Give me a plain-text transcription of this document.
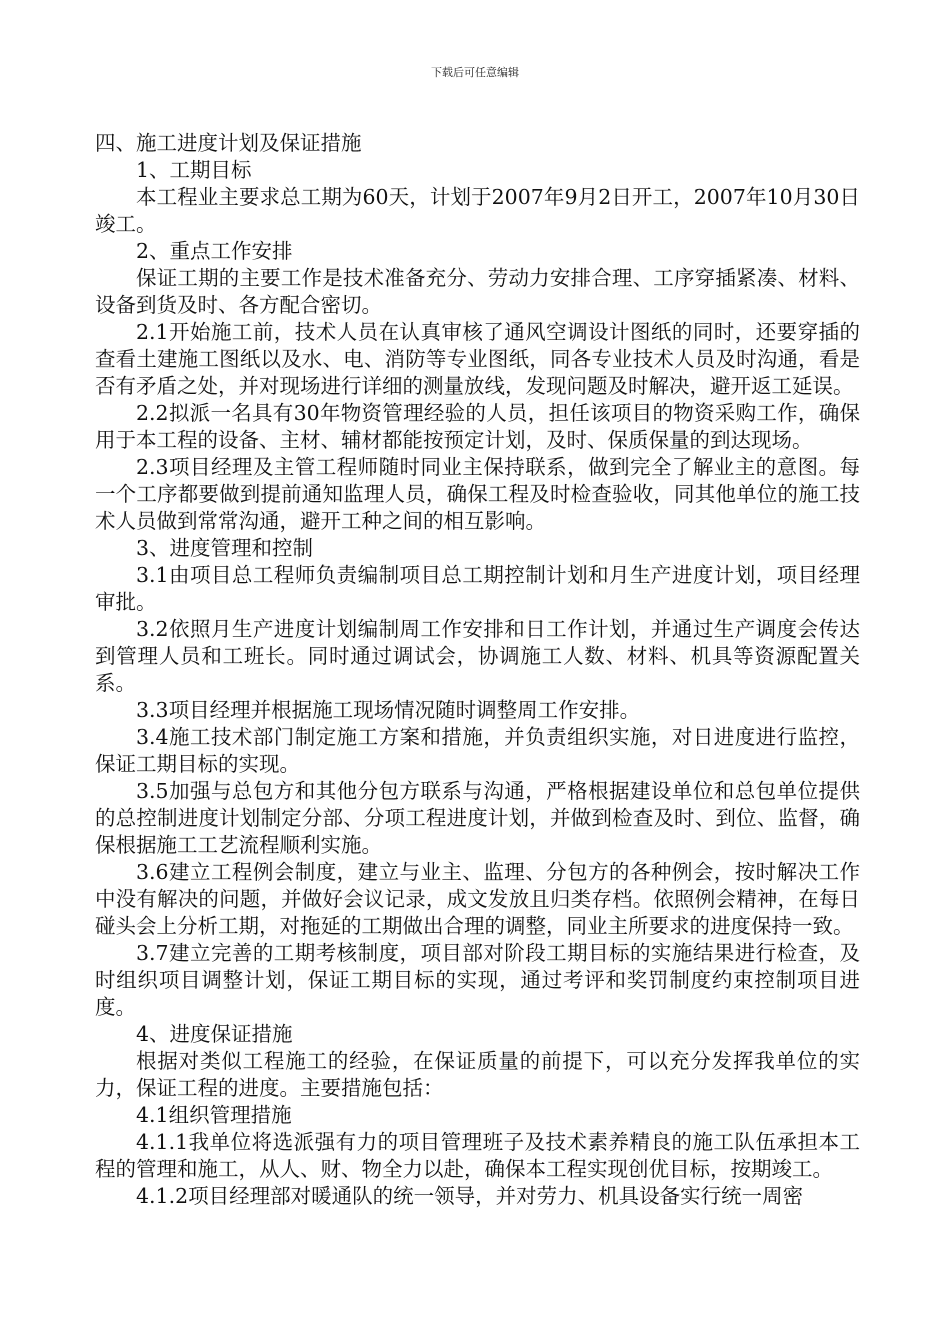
下载后可任意编辑

四、施工进度计划及保证措施

1、工期目标

本工程业主要求总工期为60天，计划于2007年9月2日开工，2007年10月30日竣工。

2、重点工作安排

保证工期的主要工作是技术准备充分、劳动力安排合理、工序穿插紧凑、材料、设备到货及时、各方配合密切。

2.1开始施工前，技术人员在认真审核了通风空调设计图纸的同时，还要穿插的查看土建施工图纸以及水、电、消防等专业图纸，同各专业技术人员及时沟通，看是否有矛盾之处，并对现场进行详细的测量放线，发现问题及时解决，避开返工延误。

2.2拟派一名具有30年物资管理经验的人员，担任该项目的物资采购工作，确保用于本工程的设备、主材、辅材都能按预定计划，及时、保质保量的到达现场。

2.3项目经理及主管工程师随时同业主保持联系，做到完全了解业主的意图。每一个工序都要做到提前通知监理人员，确保工程及时检查验收，同其他单位的施工技术人员做到常常沟通，避开工种之间的相互影响。

3、进度管理和控制

3.1由项目总工程师负责编制项目总工期控制计划和月生产进度计划，项目经理审批。

3.2依照月生产进度计划编制周工作安排和日工作计划，并通过生产调度会传达到管理人员和工班长。同时通过调试会，协调施工人数、材料、机具等资源配置关系。

3.3项目经理并根据施工现场情况随时调整周工作安排。

3.4施工技术部门制定施工方案和措施，并负责组织实施，对日进度进行监控，保证工期目标的实现。

3.5加强与总包方和其他分包方联系与沟通，严格根据建设单位和总包单位提供的总控制进度计划制定分部、分项工程进度计划，并做到检查及时、到位、监督，确保根据施工工艺流程顺利实施。

3.6建立工程例会制度，建立与业主、监理、分包方的各种例会，按时解决工作中没有解决的问题，并做好会议记录，成文发放且归类存档。依照例会精神，在每日碰头会上分析工期，对拖延的工期做出合理的调整，同业主所要求的进度保持一致。

3.7建立完善的工期考核制度，项目部对阶段工期目标的实施结果进行检查，及时组织项目调整计划，保证工期目标的实现，通过考评和奖罚制度约束控制项目进度。

4、进度保证措施

根据对类似工程施工的经验，在保证质量的前提下，可以充分发挥我单位的实力，保证工程的进度。主要措施包括：

4.1组织管理措施

4.1.1我单位将选派强有力的项目管理班子及技术素养精良的施工队伍承担本工程的管理和施工，从人、财、物全力以赴，确保本工程实现创优目标，按期竣工。

4.1.2项目经理部对暖通队的统一领导，并对劳力、机具设备实行统一周密
